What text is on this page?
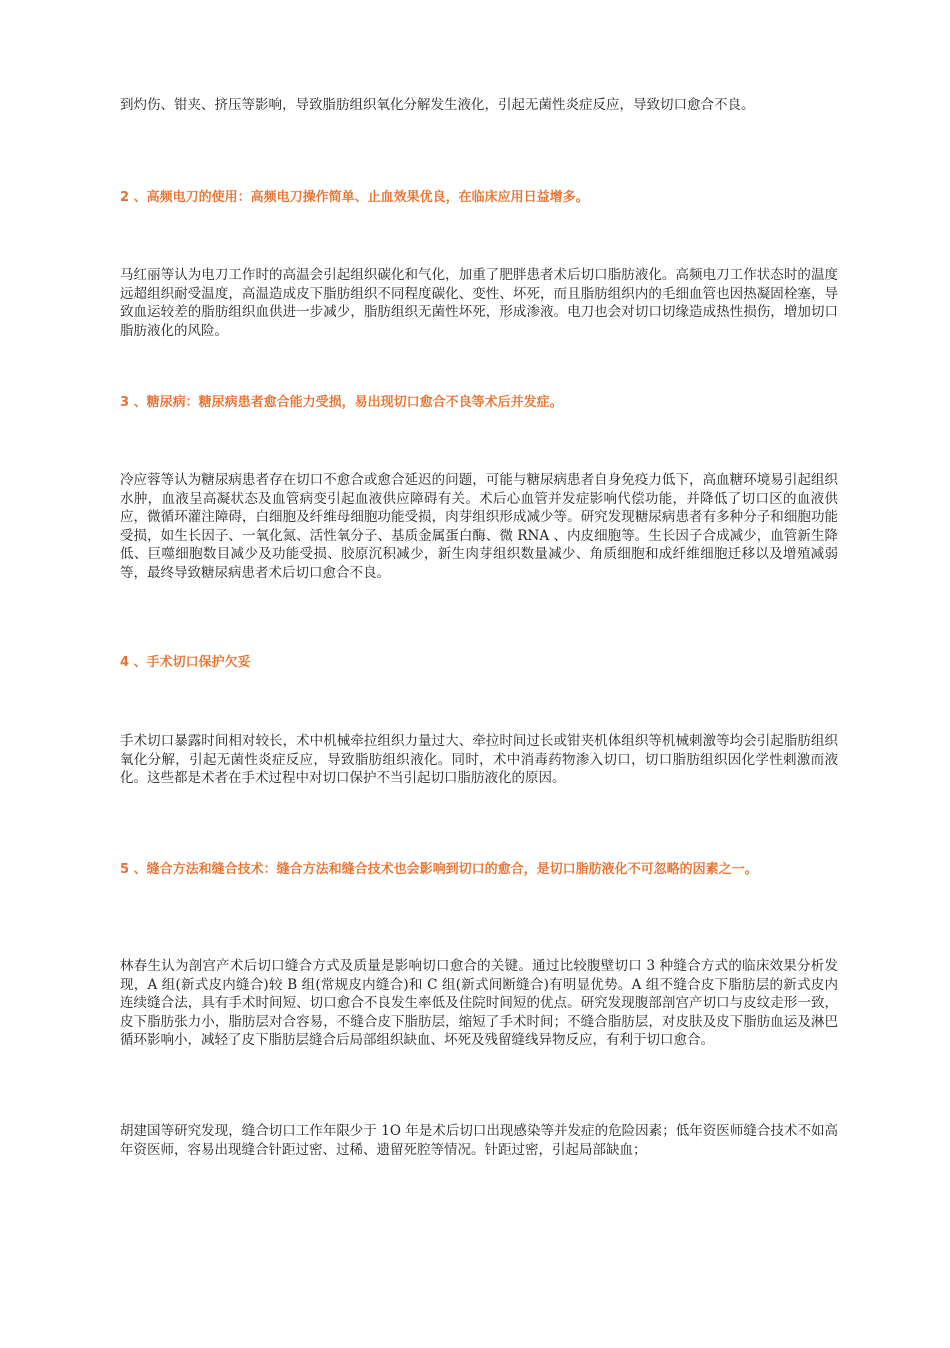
到灼伤、钳夹、挤压等影响，导致脂肪组织氧化分解发生液化，引起无菌性炎症反应，导致切口愈合不良。

2 、高频电刀的使用：高频电刀操作简单、止血效果优良，在临床应用日益增多。

马红丽等认为电刀工作时的高温会引起组织碳化和气化，加重了肥胖患者术后切口脂肪液化。高频电刀工作状态时的温度远超组织耐受温度，高温造成皮下脂肪组织不同程度碳化、变性、坏死，而且脂肪组织内的毛细血管也因热凝固栓塞，导致血运较差的脂肪组织血供进一步减少，脂肪组织无菌性坏死，形成渗液。电刀也会对切口切缘造成热性损伤，增加切口脂肪液化的风险。

3 、糖尿病：糖尿病患者愈合能力受损，易出现切口愈合不良等术后并发症。

冷应蓉等认为糖尿病患者存在切口不愈合或愈合延迟的问题，可能与糖尿病患者自身免疫力低下，高血糖环境易引起组织水肿，血液呈高凝状态及血管病变引起血液供应障碍有关。术后心血管并发症影响代偿功能，并降低了切口区的血液供应，微循环灌注障碍，白细胞及纤维母细胞功能受损，肉芽组织形成减少等。研究发现糖尿病患者有多种分子和细胞功能受损，如生长因子、一氧化氮、活性氧分子、基质金属蛋白酶、微 RNA 、内皮细胞等。生长因子合成减少，血管新生降低、巨噬细胞数目减少及功能受损、胶原沉积减少，新生肉芽组织数量减少、角质细胞和成纤维细胞迁移以及增殖减弱等，最终导致糖尿病患者术后切口愈合不良。

4 、手术切口保护欠妥

手术切口暴露时间相对较长，术中机械牵拉组织力量过大、牵拉时间过长或钳夹机体组织等机械刺激等均会引起脂肪组织氧化分解，引起无菌性炎症反应，导致脂肪组织液化。同时，术中消毒药物渗入切口，切口脂肪组织因化学性刺激而液化。这些都是术者在手术过程中对切口保护不当引起切口脂肪液化的原因。

5 、缝合方法和缝合技术：缝合方法和缝合技术也会影响到切口的愈合，是切口脂肪液化不可忽略的因素之一。

林春生认为剖宫产术后切口缝合方式及质量是影响切口愈合的关键。通过比较腹壁切口 3 种缝合方式的临床效果分析发现，A 组(新式皮内缝合)较 B 组(常规皮内缝合)和 C 组(新式间断缝合)有明显优势。A 组不缝合皮下脂肪层的新式皮内连续缝合法，具有手术时间短、切口愈合不良发生率低及住院时间短的优点。研究发现腹部剖宫产切口与皮纹走形一致，皮下脂肪张力小，脂肪层对合容易，不缝合皮下脂肪层，缩短了手术时间；不缝合脂肪层，对皮肤及皮下脂肪血运及淋巴循环影响小，减轻了皮下脂肪层缝合后局部组织缺血、坏死及残留缝线异物反应，有利于切口愈合。

胡建国等研究发现，缝合切口工作年限少于 1O 年是术后切口出现感染等并发症的危险因素；低年资医师缝合技术不如高年资医师，容易出现缝合针距过密、过稀、遗留死腔等情况。针距过密，引起局部缺血；
